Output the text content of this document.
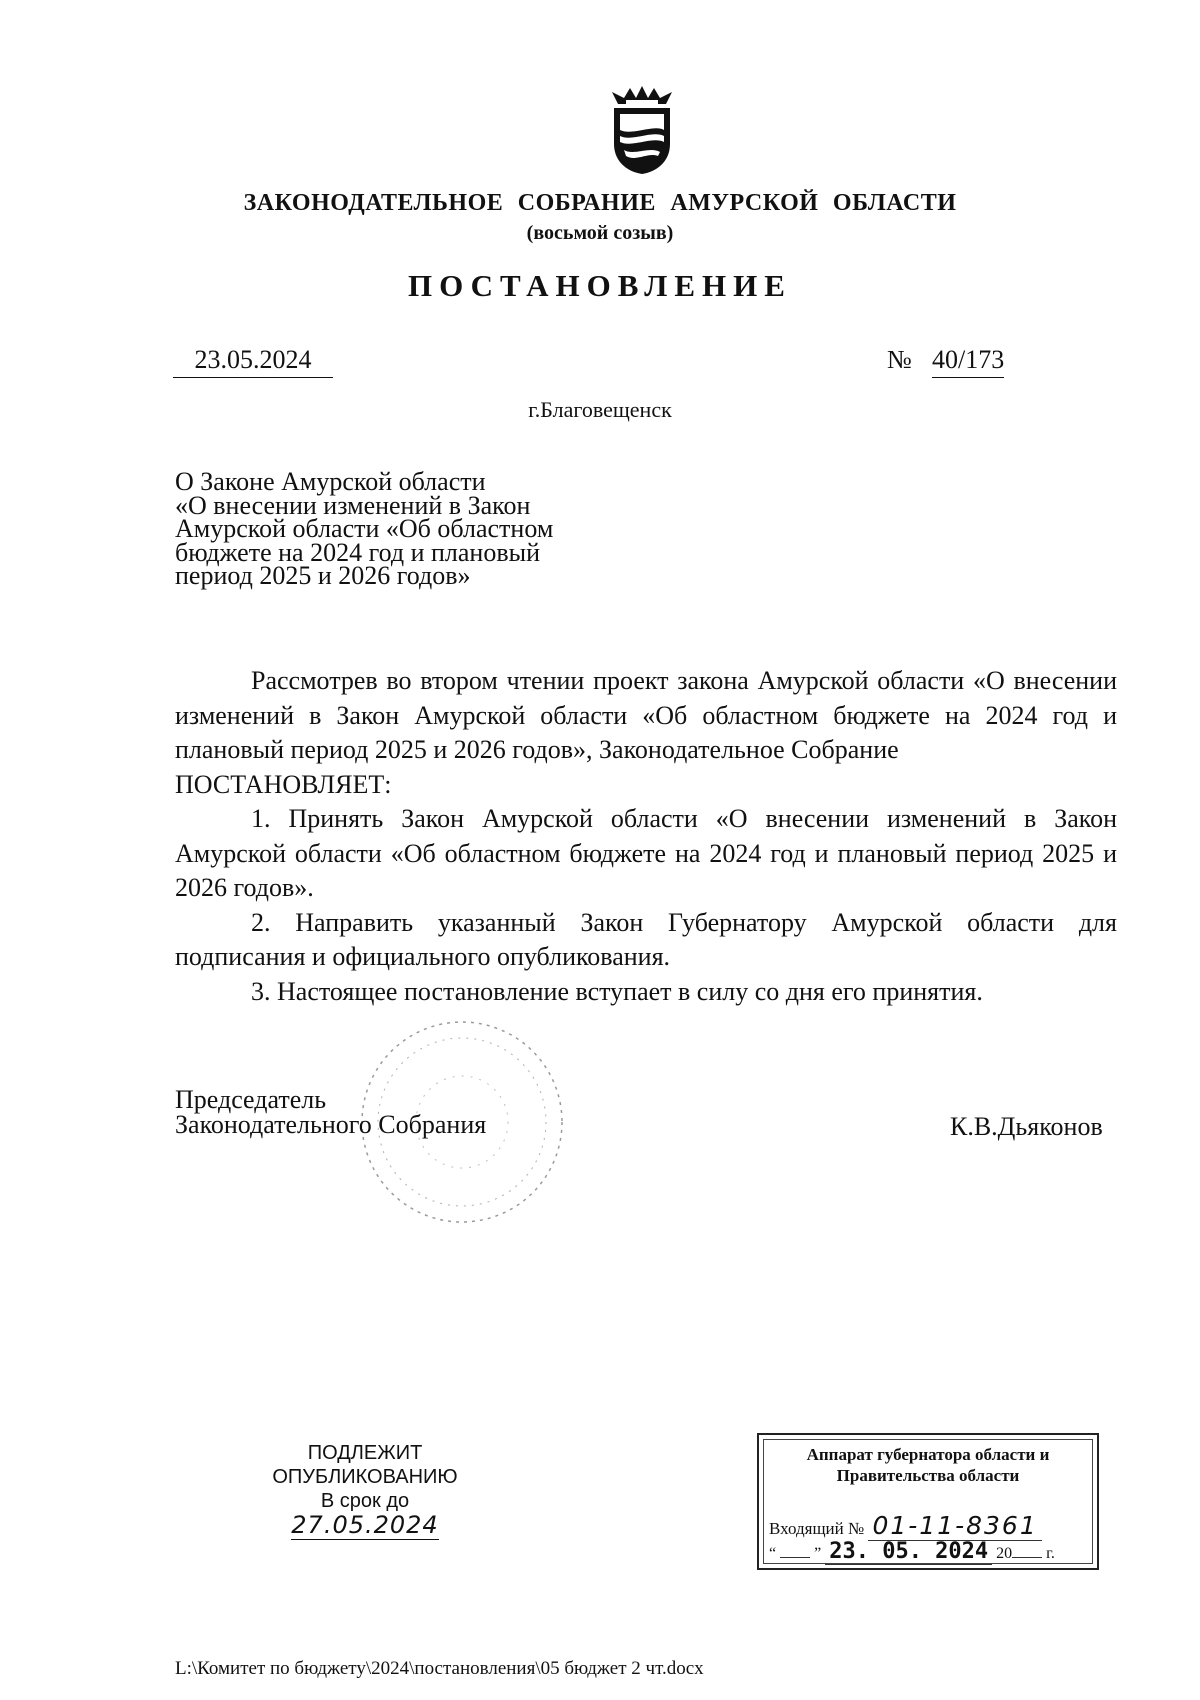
ЗАКОНОДАТЕЛЬНОЕ СОБРАНИЕ АМУРСКОЙ ОБЛАСТИ
(восьмой созыв)
ПОСТАНОВЛЕНИЕ
23.05.2024	№ 40/173
г.Благовещенск
О Законе Амурской области
«О внесении изменений в Закон
Амурской области «Об областном
бюджете на 2024 год и плановый
период 2025 и 2026 годов»

Рассмотрев во втором чтении проект закона Амурской области «О внесении изменений в Закон Амурской области «Об областном бюджете на 2024 год и плановый период 2025 и 2026 годов», Законодательное Собрание

ПОСТАНОВЛЯЕТ:

1. Принять Закон Амурской области «О внесении изменений в Закон Амурской области «Об областном бюджете на 2024 год и плановый период 2025 и 2026 годов».

2. Направить указанный Закон Губернатору Амурской области для подписания и официального опубликования.

3. Настоящее постановление вступает в силу со дня его принятия.

Председатель
Законодательного Собрания	К.В.Дьяконов
ПОДЛЕЖИТ
ОПУБЛИКОВАНИЮ
В срок до 27.05.2024
Аппарат губернатора области и
Правительства области
Входящий № 01-11-8361
“ ” 23. 05. 2024 20 г.
L:\Комитет по бюджету\2024\постановления\05 бюджет 2 чт.docx
